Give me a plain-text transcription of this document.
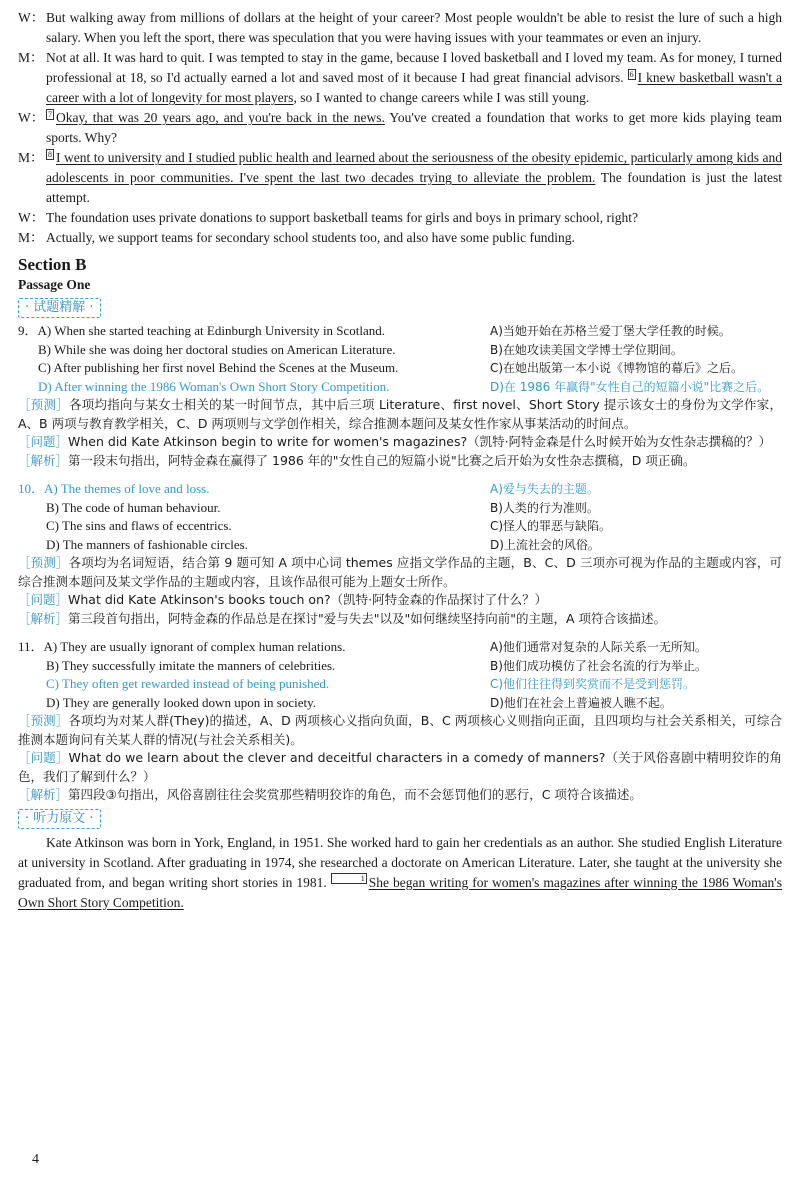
W： But walking away from millions of dollars at the height of your career? Most people wouldn't be able to resist the lure of such a high salary. When you left the sport, there was speculation that you were having issues with your teammates or even an injury.
M： Not at all. It was hard to quit. I was tempted to stay in the game, because I loved basketball and I loved my team. As for money, I turned professional at 18, so I'd actually earned a lot and saved most of it because I had great financial advisors. 6 I knew basketball wasn't a career with a lot of longevity for most players, so I wanted to change careers while I was still young.
W： 7 Okay, that was 20 years ago, and you're back in the news. You've created a foundation that works to get more kids playing team sports. Why?
M： 8 I went to university and I studied public health and learned about the seriousness of the obesity epidemic, particularly among kids and adolescents in poor communities. I've spent the last two decades trying to alleviate the problem. The foundation is just the latest attempt.
W： The foundation uses private donations to support basketball teams for girls and boys in primary school, right?
M： Actually, we support teams for secondary school students too, and also have some public funding.
Section B
Passage One
· 试题精解 ·
9．A) When she started teaching at Edinburgh University in Scotland.	A)当她开始在苏格兰爱丁堡大学任教的时候。
B) While she was doing her doctoral studies on American Literature.	B)在她攻读美国文学博士学位期间。
C) After publishing her first novel Behind the Scenes at the Museum.	C)在她出版第一本小说《博物馆的幕后》之后。
D) After winning the 1986 Woman's Own Short Story Competition.	D)在 1986 年赢得"女性自己的短篇小说"比赛之后。
［预测］各项均指向与某女士相关的某一时间节点，其中后三项 Literature、first novel、Short Story 提示该女士的身份为文学作家，A、B 两项与教育教学相关，C、D 两项则与文学创作相关，综合推测本题问及某女性作家从事某活动的时间点。
［问题］When did Kate Atkinson begin to write for women's magazines?（凯特·阿特金森是什么时候开始为女性杂志撰稿的？）
［解析］第一段末句指出，阿特金森在赢得了 1986 年的"女性自己的短篇小说"比赛之后开始为女性杂志撰稿，D 项正确。
10．A) The themes of love and loss.	A)爱与失去的主题。
B) The code of human behaviour.	B)人类的行为准则。
C) The sins and flaws of eccentrics.	C)怪人的罪恶与缺陷。
D) The manners of fashionable circles.	D)上流社会的风俗。
［预测］各项均为名词短语，结合第 9 题可知 A 项中心词 themes 应指文学作品的主题，B、C、D 三项亦可视为作品的主题或内容，可综合推测本题问及某文学作品的主题或内容，且该作品很可能为上题女士所作。
［问题］What did Kate Atkinson's books touch on?（凯特·阿特金森的作品探讨了什么？）
［解析］第三段首句指出，阿特金森的作品总是在探讨"爱与失去"以及"如何继续坚持向前"的主题，A 项符合该描述。
11．A) They are usually ignorant of complex human relations.	A)他们通常对复杂的人际关系一无所知。
B) They successfully imitate the manners of celebrities.	B)他们成功模仿了社会名流的行为举止。
C) They often get rewarded instead of being punished.	C)他们往往得到奖赏而不是受到惩罚。
D) They are generally looked down upon in society.	D)他们在社会上普遍被人瞧不起。
［预测］各项均为对某人群(They)的描述，A、D 两项核心义指向负面，B、C 两项核心义则指向正面，且四项均与社会关系相关，可综合推测本题询问有关某人群的情况(与社会关系相关)。
［问题］What do we learn about the clever and deceitful characters in a comedy of manners?（关于风俗喜剧中精明狡诈的角色，我们了解到什么？）
［解析］第四段③句指出，风俗喜剧往往会奖赏那些精明狡诈的角色，而不会惩罚他们的恶行，C 项符合该描述。
· 听力原文 ·
Kate Atkinson was born in York, England, in 1951. She worked hard to gain her credentials as an author. She studied English Literature at university in Scotland. After graduating in 1974, she researched a doctorate on American Literature. Later, she taught at the university she graduated from, and began writing short stories in 1981.	1 She began writing for women's magazines after winning the 1986 Woman's Own Short Story Competition.
4
